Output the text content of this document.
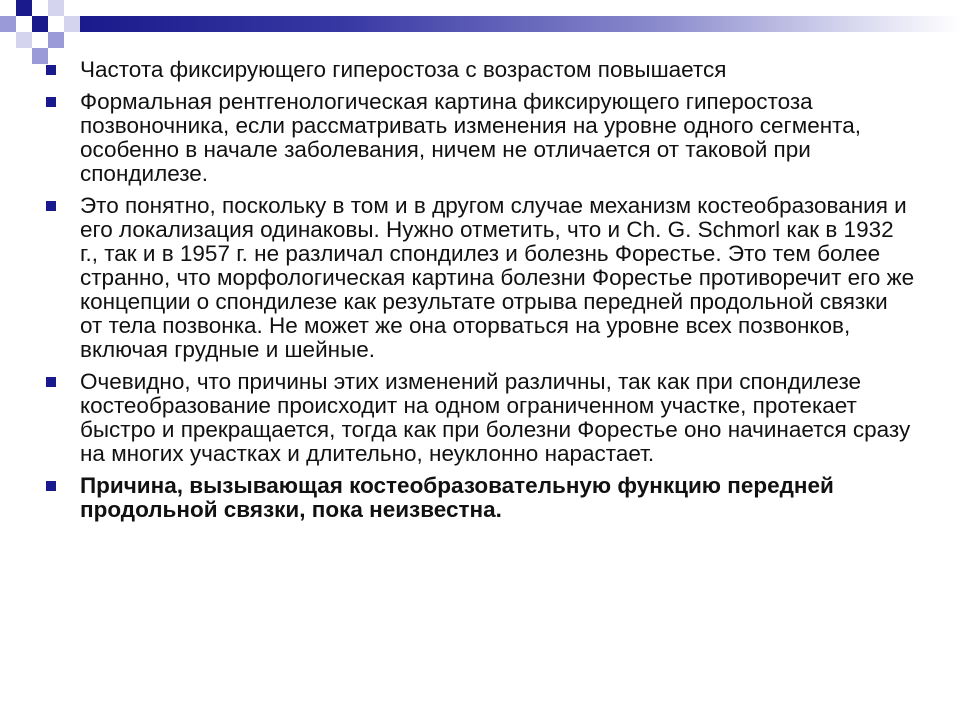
Частота фиксирующего гиперостоза с возрастом повышается
Формальная рентгенологическая картина фиксирующего гиперостоза позвоночника, если рассматривать изменения на уровне одного сегмента, особенно в начале заболевания, ничем не отличается от таковой при спондилезе.
Это понятно, поскольку в том и в другом случае механизм костеобразования и его локализация одинаковы. Нужно отметить, что и Ch. G. Schmorl как в 1932 г., так и в 1957 г. не различал спондилез и болезнь Форестье. Это тем более странно, что морфологическая картина болезни Форестье противоречит его же концепции о спондилезе как результате отрыва передней продольной связки от тела позвонка. Не может же она оторваться на уровне всех позвонков, включая грудные и шейные.
Очевидно, что причины этих изменений различны, так как при спондилезе костеобразование происходит на одном ограниченном участке, протекает быстро и прекращается, тогда как при болезни Форестье оно начинается сразу на многих участках и длительно, неуклонно нарастает.
Причина, вызывающая костеобразовательную функцию передней продольной связки, пока неизвестна.
